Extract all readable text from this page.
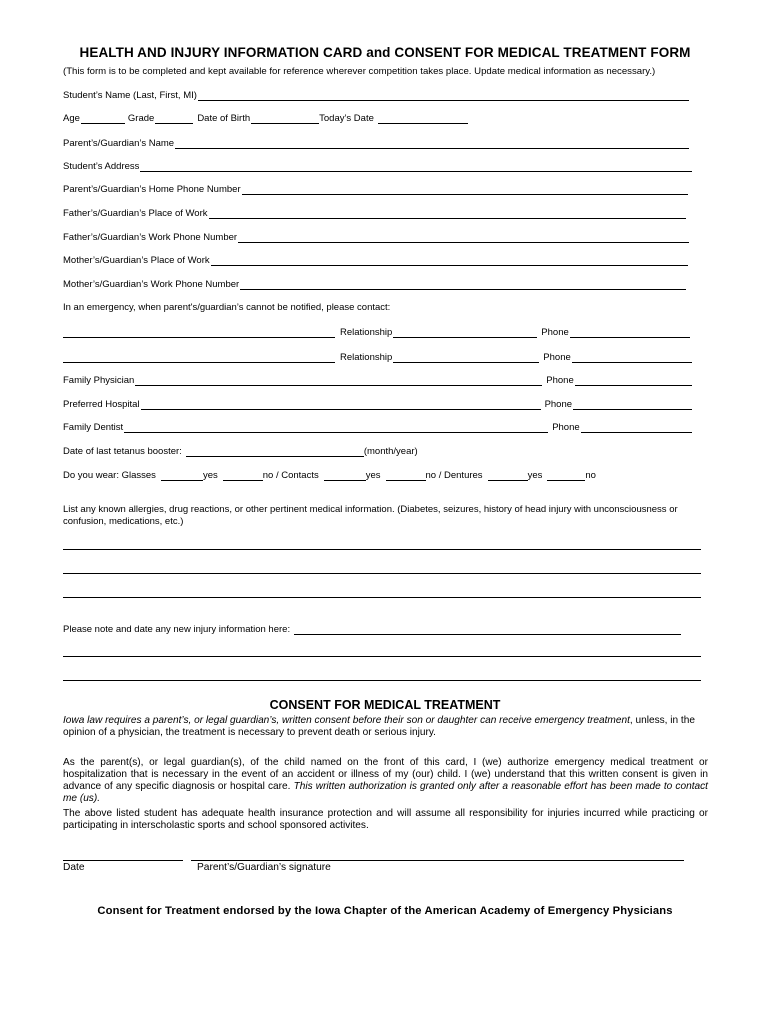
HEALTH AND INJURY INFORMATION CARD and CONSENT FOR MEDICAL TREATMENT FORM
(This form is to be completed and kept available for reference wherever competition takes place. Update medical information as necessary.)
Student’s Name (Last, First, MI)
Age	Grade	Date of Birth	Today’s Date
Parent’s/Guardian’s Name
Student’s Address
Parent’s/Guardian’s Home Phone Number
Father’s/Guardian’s Place of Work
Father’s/Guardian’s Work Phone Number
Mother’s/Guardian’s Place of Work
Mother’s/Guardian’s Work Phone Number
In an emergency, when parent's/guardian’s cannot be notified, please contact:
Relationship	Phone
Relationship	Phone
Family Physician	Phone
Preferred Hospital	Phone
Family Dentist	Phone
Date of last tetanus booster:	(month/year)
Do you wear: Glasses	yes	no / Contacts	yes	no / Dentures	yes	no
List any known allergies, drug reactions, or other pertinent medical information. (Diabetes, seizures, history of head injury with unconsciousness or confusion, medications, etc.)
Please note and date any new injury information here:
CONSENT FOR MEDICAL TREATMENT
Iowa law requires a parent’s, or legal guardian’s, written consent before their son or daughter can receive emergency treatment, unless, in the opinion of a physician, the treatment is necessary to prevent death or serious injury.
As the parent(s), or legal guardian(s), of the child named on the front of this card, I (we) authorize emergency medical treatment or hospitalization that is necessary in the event of an accident or illness of my (our) child. I (we) understand that this written consent is given in advance of any specific diagnosis or hospital care. This written authorization is granted only after a reasonable effort has been made to contact me (us).
The above listed student has adequate health insurance protection and will assume all responsibility for injuries incurred while practicing or participating in interscholastic sports and school sponsored activites.
Date	Parent’s/Guardian’s signature
Consent for Treatment endorsed by the Iowa Chapter of the American Academy of Emergency Physicians
